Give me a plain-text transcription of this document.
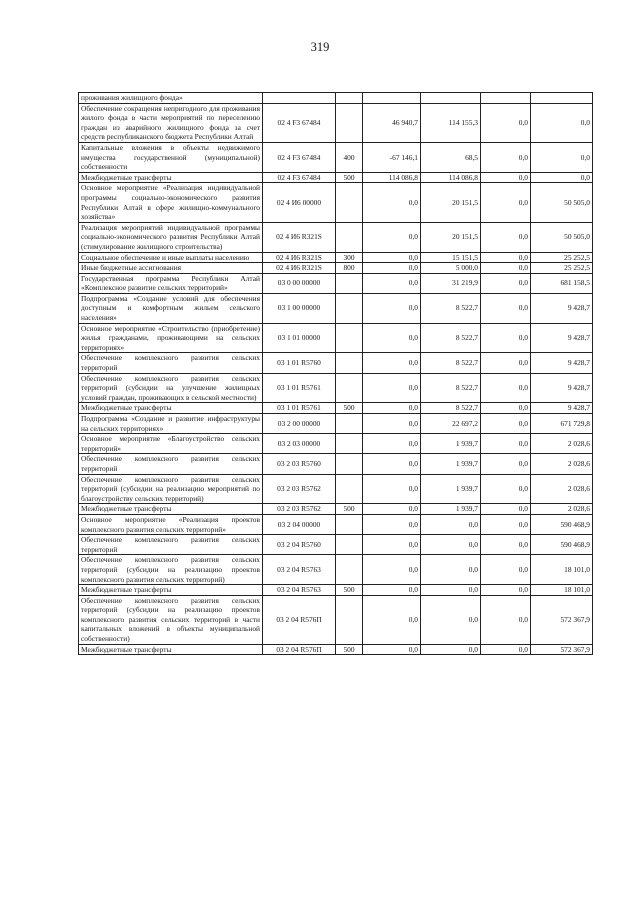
319
проживания жилищного фонда»						
Обеспечение сокращения непригодного для проживания жилого фонда в части мероприятий по переселению граждан из аварийного жилищного фонда за счет средств республиканского бюджета Республики Алтай	02 4 F3 67484		46 940,7	114 155,3	0,0	0,0
Капитальные вложения в объекты недвижимого имущества государственной (муниципальной) собственности	02 4 F3 67484	400	-67 146,1	68,5	0,0	0,0
Межбюджетные трансферты	02 4 F3 67484	500	114 086,8	114 086,8	0,0	0,0
Основное мероприятие «Реализация индивидуальной программы социально-экономического развития Республики Алтай в сфере жилищно-коммунального хозяйства»	02 4 И6 00000		0,0	20 151,5	0,0	50 505,0
Реализация мероприятий индивидуальной программы социально-экономического развития Республики Алтай (стимулирование жилищного строительства)	02 4 И6 R321S		0,0	20 151,5	0,0	50 505,0
Социальное обеспечение и иные выплаты населению	02 4 И6 R321S	300	0,0	15 151,5	0,0	25 252,5
Иные бюджетные ассигнования	02 4 И6 R321S	800	0,0	5 000,0	0,0	25 252,5
Государственная программа Республики Алтай «Комплексное развитие сельских территорий»	03 0 00 00000		0,0	31 219,9	0,0	681 158,5
Подпрограмма «Создание условий для обеспечения доступным и комфортным жильем сельского населения»	03 1 00 00000		0,0	8 522,7	0,0	9 428,7
Основное мероприятие «Строительство (приобретение) жилья гражданами, проживающими на сельских территориях»	03 1 01 00000		0,0	8 522,7	0,0	9 428,7
Обеспечение комплексного развития сельских территорий	03 1 01 R5760		0,0	8 522,7	0,0	9 428,7
Обеспечение комплексного развития сельских территорий (субсидии на улучшение жилищных условий граждан, проживающих в сельской местности)	03 1 01 R5761		0,0	8 522,7	0,0	9 428,7
Межбюджетные трансферты	03 1 01 R5761	500	0,0	8 522,7	0,0	9 428,7
Подпрограмма «Создание и развитие инфраструктуры на сельских территориях»	03 2 00 00000		0,0	22 697,2	0,0	671 729,8
Основное мероприятие «Благоустройство сельских территорий»	03 2 03 00000		0,0	1 939,7	0,0	2 028,6
Обеспечение комплексного развития сельских территорий	03 2 03 R5760		0,0	1 939,7	0,0	2 028,6
Обеспечение комплексного развития сельских территорий (субсидии на реализацию мероприятий по благоустройству сельских территорий)	03 2 03 R5762		0,0	1 939,7	0,0	2 028,6
Межбюджетные трансферты	03 2 03 R5762	500	0,0	1 939,7	0,0	2 028,6
Основное мероприятие «Реализация проектов комплексного развития сельских территорий»	03 2 04 00000		0,0	0,0	0,0	590 468,9
Обеспечение комплексного развития сельских территорий	03 2 04 R5760		0,0	0,0	0,0	590 468,9
Обеспечение комплексного развития сельских территорий (субсидии на реализацию проектов комплексного развития сельских территорий)	03 2 04 R5763		0,0	0,0	0,0	18 101,0
Межбюджетные трансферты	03 2 04 R5763	500	0,0	0,0	0,0	18 101,0
Обеспечение комплексного развития сельских территорий (субсидии на реализацию проектов комплексного развития сельских территорий в части капитальных вложений в объекты муниципальной собственности)	03 2 04 R576П		0,0	0,0	0,0	572 367,9
Межбюджетные трансферты	03 2 04 R576П	500	0,0	0,0	0,0	572 367,9
